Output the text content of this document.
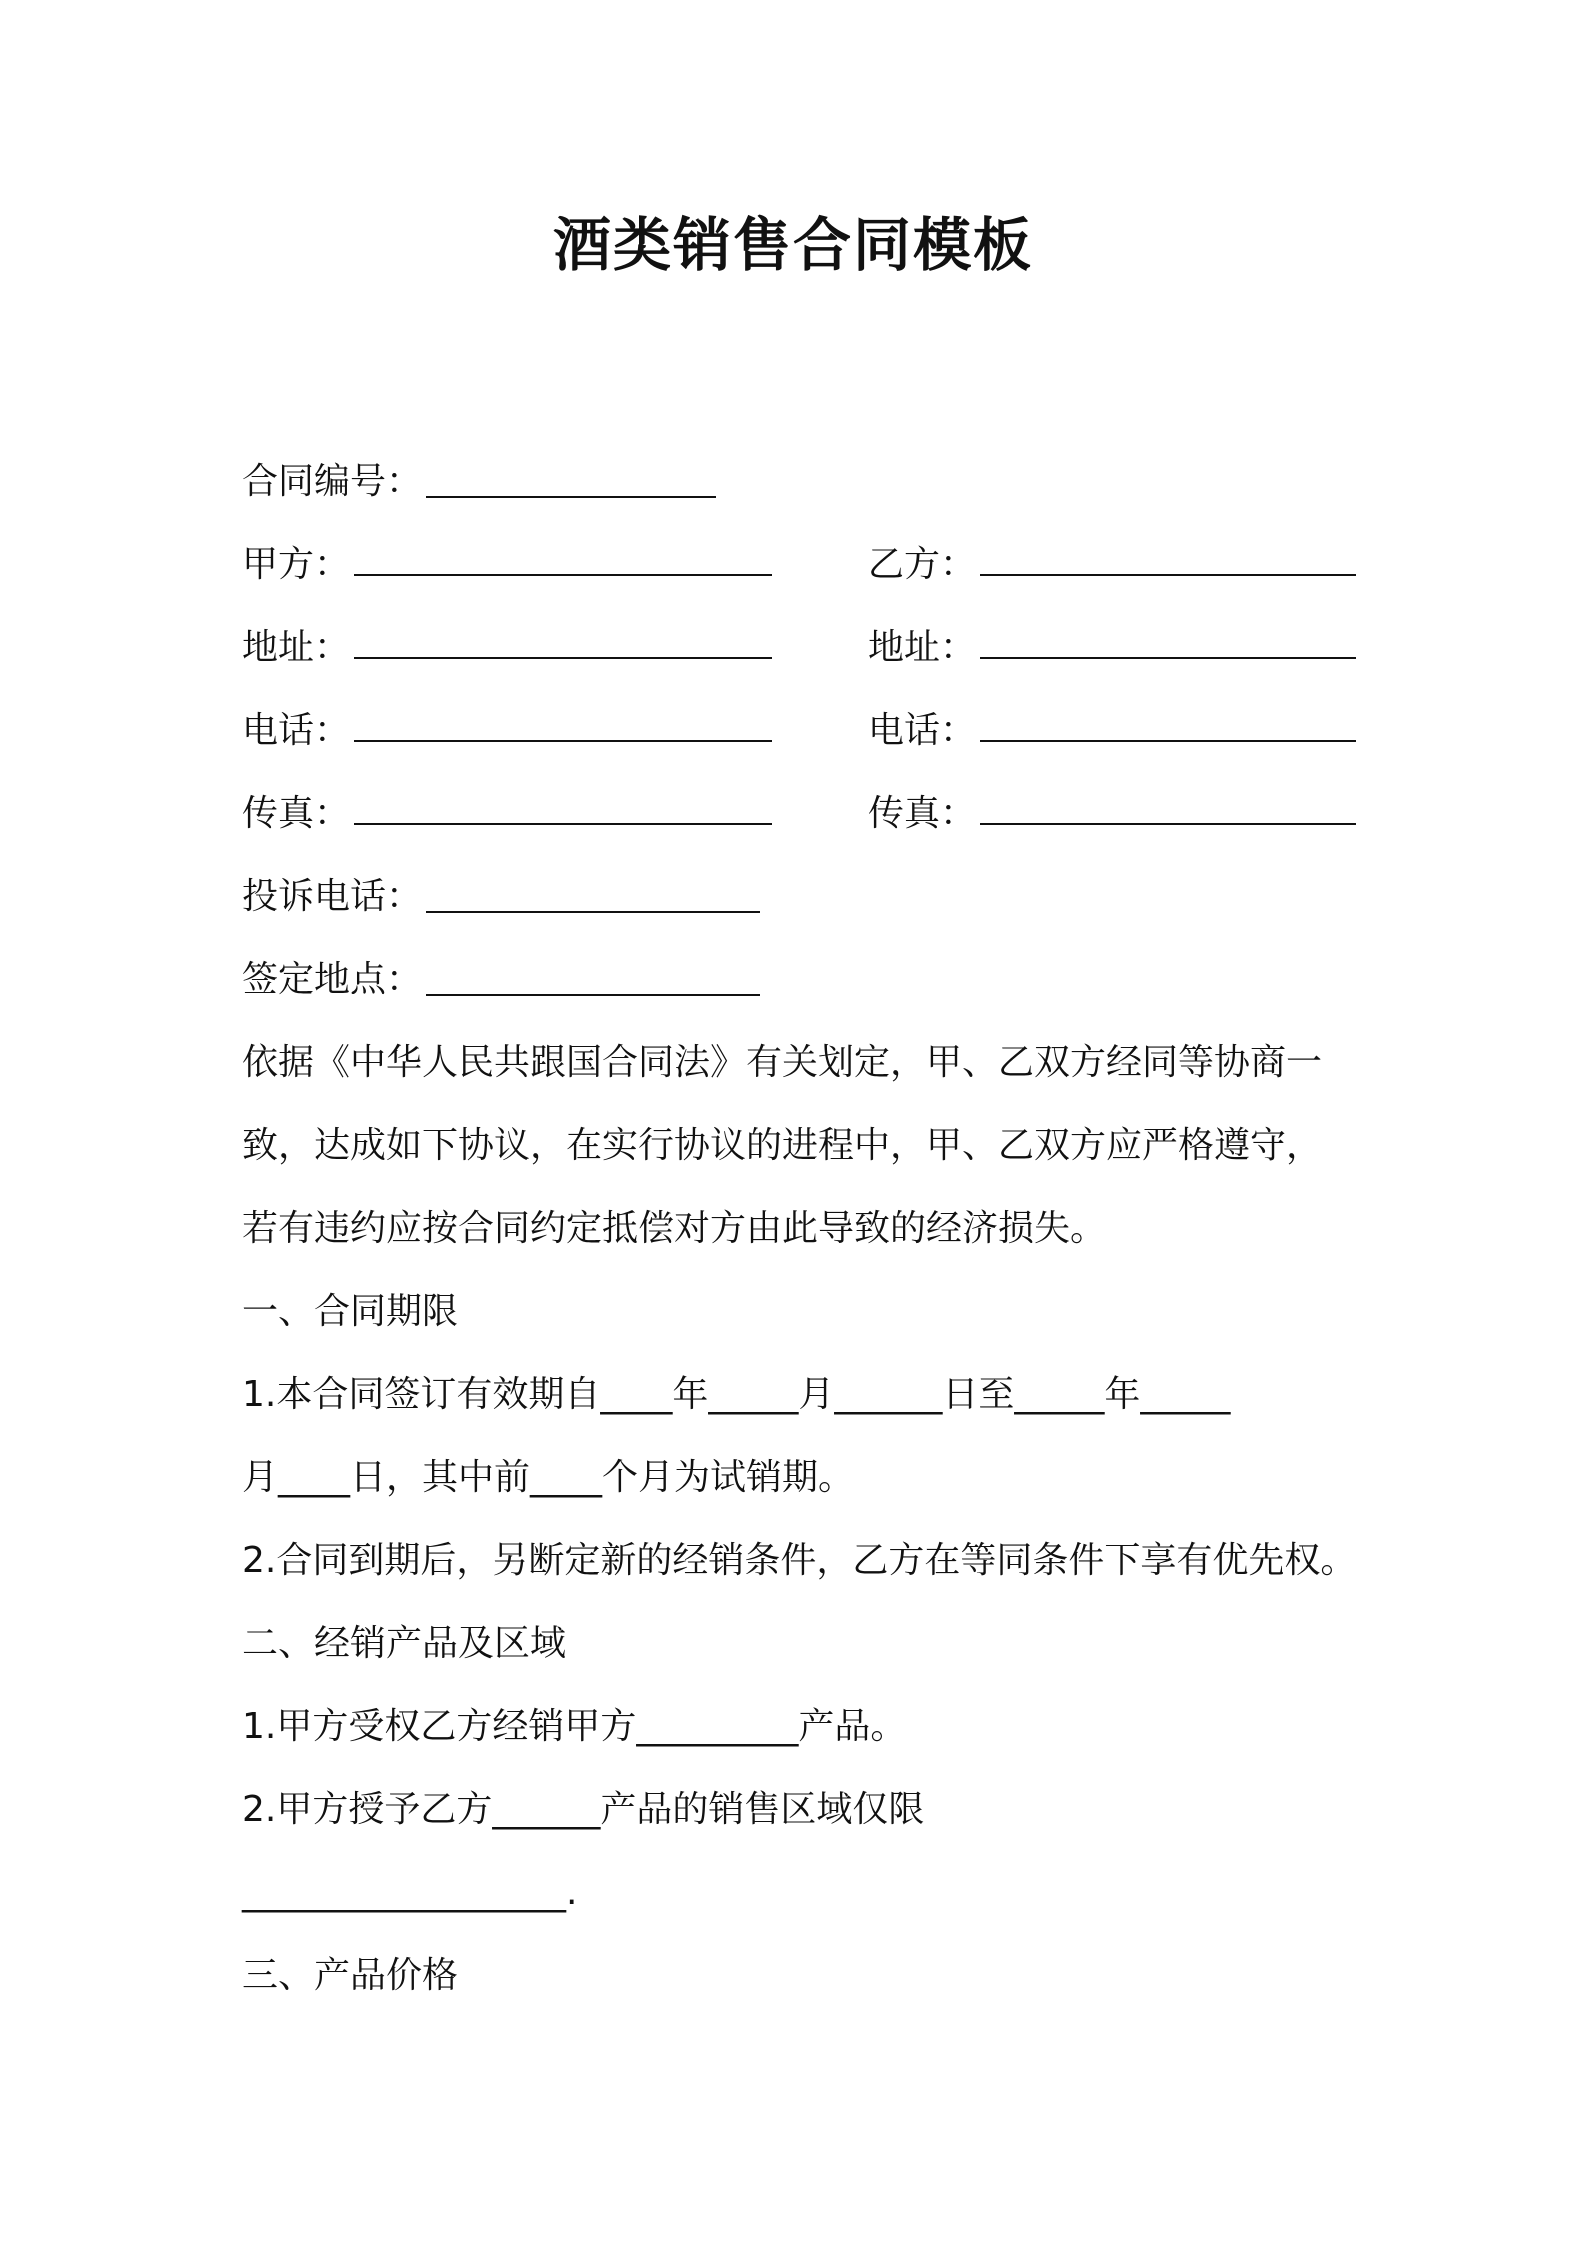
酒类销售合同模板
合同编号：
甲方：	乙方：
地址：	地址：
电话：	电话：
传真：	传真：
投诉电话：
签定地点：
依据《中华人民共跟国合同法》有关划定，甲、乙双方经同等协商一
致，达成如下协议，在实行协议的进程中，甲、乙双方应严格遵守，
若有违约应按合同约定抵偿对方由此导致的经济损失。
一、合同期限
1.本合同签订有效期自____年_____月______日至_____年_____
月____日，其中前____个月为试销期。
2.合同到期后，另断定新的经销条件，乙方在等同条件下享有优先权。
二、经销产品及区域
1.甲方受权乙方经销甲方_________产品。
2.甲方授予乙方______产品的销售区域仅限
__________________.
三、产品价格
